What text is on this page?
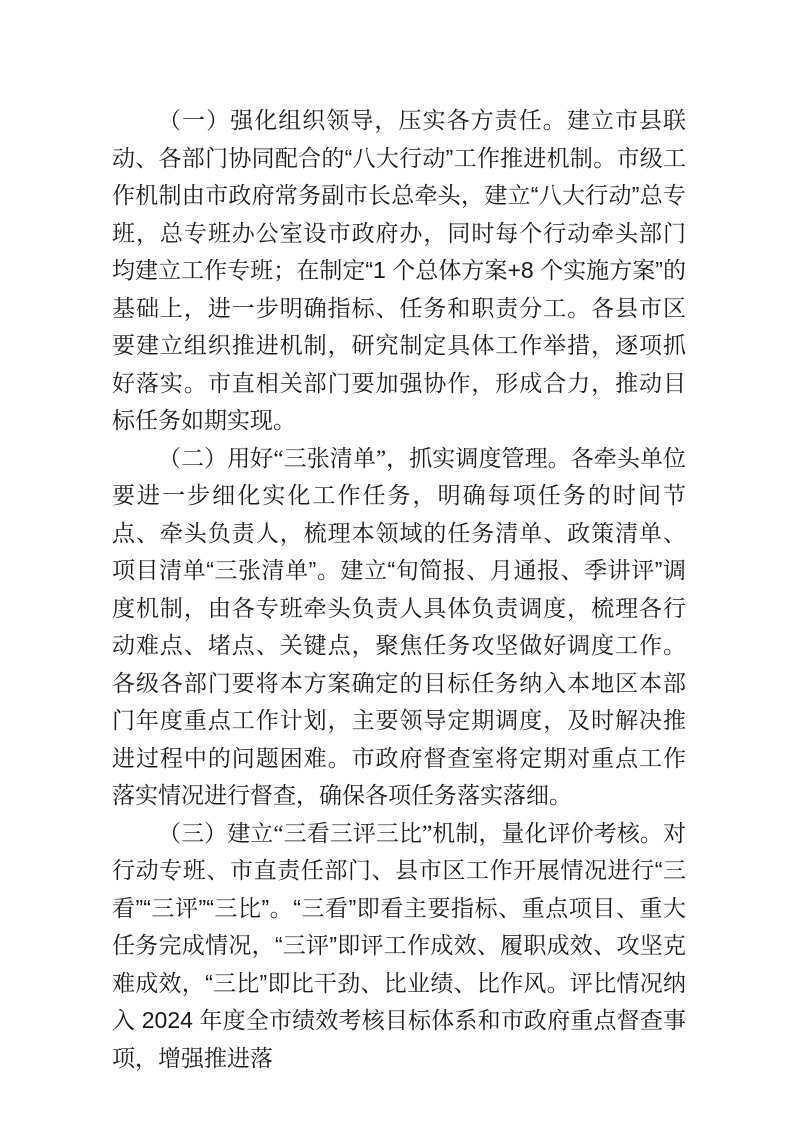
（一）强化组织领导，压实各方责任。建立市县联动、各部门协同配合的“八大行动”工作推进机制。市级工作机制由市政府常务副市长总牵头，建立“八大行动”总专班，总专班办公室设市政府办，同时每个行动牵头部门均建立工作专班；在制定“1 个总体方案+8 个实施方案”的基础上，进一步明确指标、任务和职责分工。各县市区要建立组织推进机制，研究制定具体工作举措，逐项抓好落实。市直相关部门要加强协作，形成合力，推动目标任务如期实现。

（二）用好“三张清单”，抓实调度管理。各牵头单位要进一步细化实化工作任务，明确每项任务的时间节点、牵头负责人，梳理本领域的任务清单、政策清单、项目清单“三张清单”。建立“旬简报、月通报、季讲评”调度机制，由各专班牵头负责人具体负责调度，梳理各行动难点、堵点、关键点，聚焦任务攻坚做好调度工作。各级各部门要将本方案确定的目标任务纳入本地区本部门年度重点工作计划，主要领导定期调度，及时解决推进过程中的问题困难。市政府督查室将定期对重点工作落实情况进行督查，确保各项任务落实落细。

（三）建立“三看三评三比”机制，量化评价考核。对行动专班、市直责任部门、县市区工作开展情况进行“三看”“三评”“三比”。“三看”即看主要指标、重点项目、重大任务完成情况，“三评”即评工作成效、履职成效、攻坚克难成效，“三比”即比干劲、比业绩、比作风。评比情况纳入 2024 年度全市绩效考核目标体系和市政府重点督查事项，增强推进落
